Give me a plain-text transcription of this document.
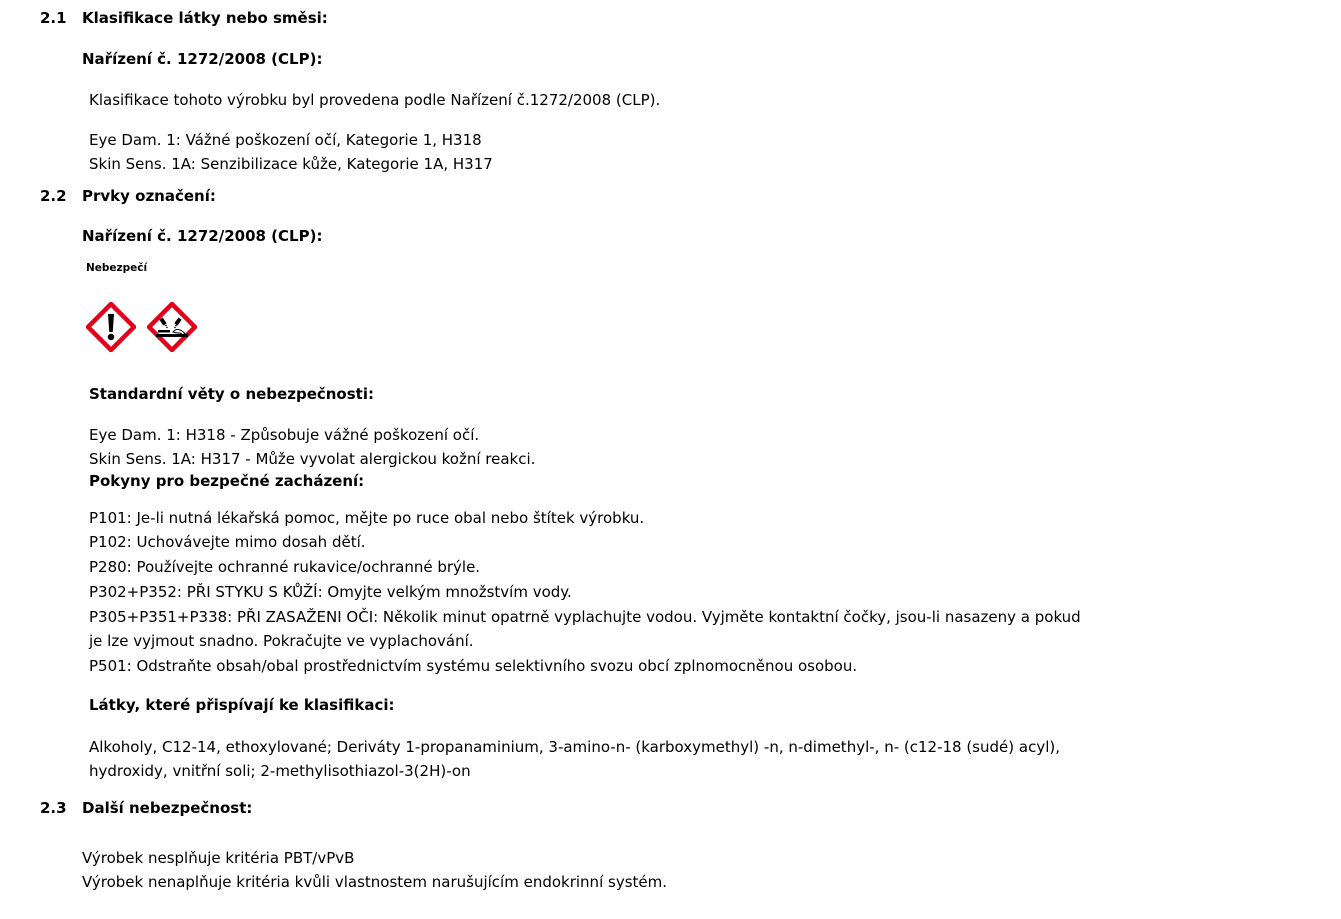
2.1 Klasifikace látky nebo směsi:
Nařízení č. 1272/2008 (CLP):
Klasifikace tohoto výrobku byl provedena podle Nařízení č.1272/2008 (CLP).
Eye Dam. 1: Vážné poškození očí, Kategorie 1, H318
Skin Sens. 1A: Senzibilizace kůže, Kategorie 1A, H317
2.2 Prvky označení:
Nařízení č. 1272/2008 (CLP):
Nebezpečí
Standardní věty o nebezpečnosti:
Eye Dam. 1: H318 - Způsobuje vážné poškození očí.
Skin Sens. 1A: H317 - Může vyvolat alergickou kožní reakci.
Pokyny pro bezpečné zacházení:
P101: Je-li nutná lékařská pomoc, mějte po ruce obal nebo štítek výrobku.
P102: Uchovávejte mimo dosah dětí.
P280: Používejte ochranné rukavice/ochranné brýle.
P302+P352: PŘI STYKU S KŮŽÍ: Omyjte velkým množstvím vody.
P305+P351+P338: PŘI ZASAŽENI OČI: Několik minut opatrně vyplachujte vodou. Vyjměte kontaktní čočky, jsou-li nasazeny a pokud
je lze vyjmout snadno. Pokračujte ve vyplachování.
P501: Odstraňte obsah/obal prostřednictvím systému selektivního svozu obcí zplnomocněnou osobou.
Látky, které přispívají ke klasifikaci:
Alkoholy, C12-14, ethoxylované; Deriváty 1-propanaminium, 3-amino-n- (karboxymethyl) -n, n-dimethyl-, n- (c12-18 (sudé) acyl),
hydroxidy, vnitřní soli; 2-methylisothiazol-3(2H)-on
2.3 Další nebezpečnost:
Výrobek nesplňuje kritéria PBT/vPvB
Výrobek nenaplňuje kritéria kvůli vlastnostem narušujícím endokrinní systém.
